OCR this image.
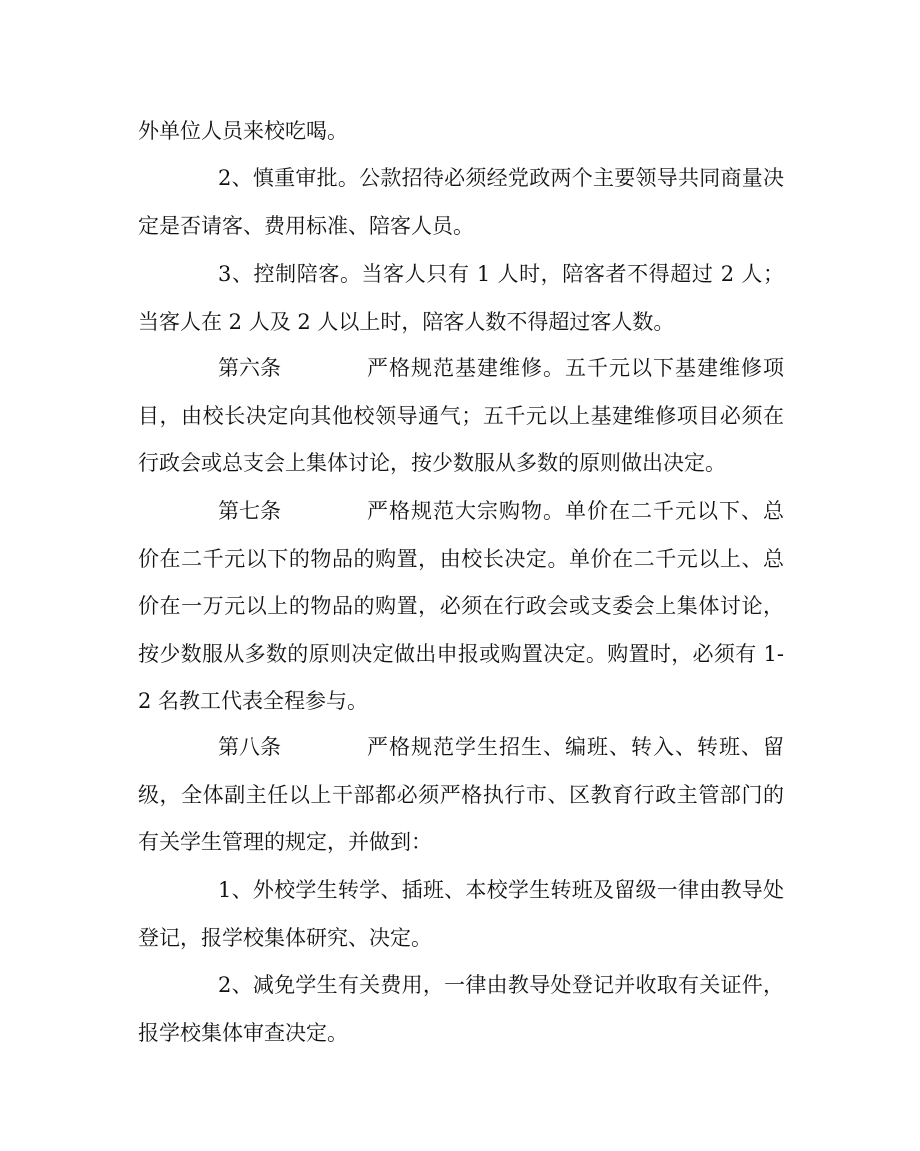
外单位人员来校吃喝。

2、慎重审批。公款招待必须经党政两个主要领导共同商量决定是否请客、费用标准、陪客人员。

3、控制陪客。当客人只有 1 人时，陪客者不得超过 2 人；当客人在 2 人及 2 人以上时，陪客人数不得超过客人数。

第六条	严格规范基建维修。五千元以下基建维修项目，由校长决定向其他校领导通气；五千元以上基建维修项目必须在行政会或总支会上集体讨论，按少数服从多数的原则做出决定。

第七条	严格规范大宗购物。单价在二千元以下、总价在二千元以下的物品的购置，由校长决定。单价在二千元以上、总价在一万元以上的物品的购置，必须在行政会或支委会上集体讨论，按少数服从多数的原则决定做出申报或购置决定。购置时，必须有 1-2 名教工代表全程参与。

第八条	严格规范学生招生、编班、转入、转班、留级，全体副主任以上干部都必须严格执行市、区教育行政主管部门的有关学生管理的规定，并做到：

1、外校学生转学、插班、本校学生转班及留级一律由教导处登记，报学校集体研究、决定。

2、减免学生有关费用，一律由教导处登记并收取有关证件，报学校集体审查决定。
